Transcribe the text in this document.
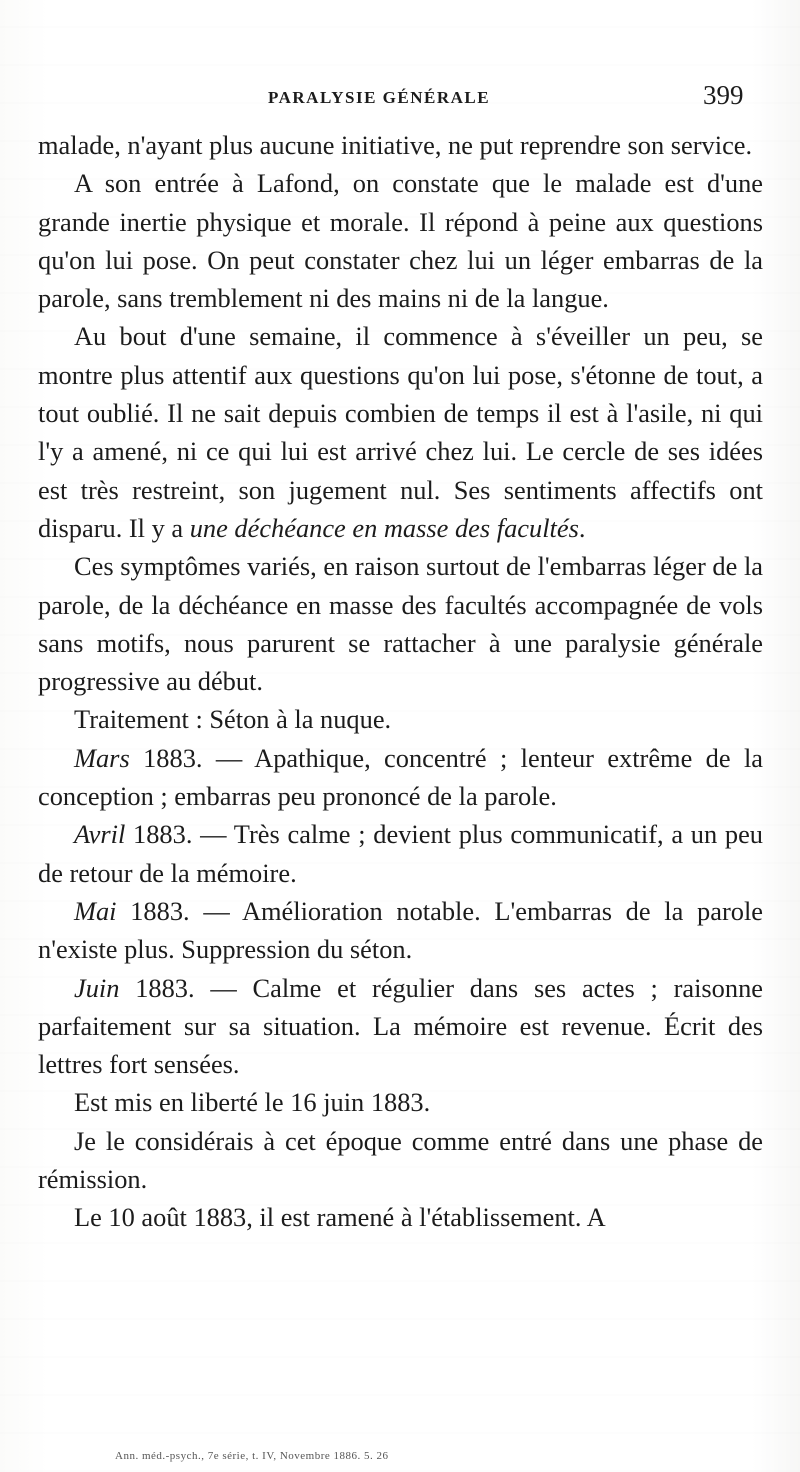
PARALYSIE GÉNÉRALE	399

malade, n'ayant plus aucune initiative, ne put reprendre son service.

A son entrée à Lafond, on constate que le malade est d'une grande inertie physique et morale. Il répond à peine aux questions qu'on lui pose. On peut constater chez lui un léger embarras de la parole, sans tremblement ni des mains ni de la langue.

Au bout d'une semaine, il commence à s'éveiller un peu, se montre plus attentif aux questions qu'on lui pose, s'étonne de tout, a tout oublié. Il ne sait depuis combien de temps il est à l'asile, ni qui l'y a amené, ni ce qui lui est arrivé chez lui. Le cercle de ses idées est très restreint, son jugement nul. Ses sentiments affectifs ont disparu. Il y a une déchéance en masse des facultés.

Ces symptômes variés, en raison surtout de l'embarras léger de la parole, de la déchéance en masse des facultés accompagnée de vols sans motifs, nous parurent se rattacher à une paralysie générale progressive au début.

Traitement : Séton à la nuque.

Mars 1883. — Apathique, concentré ; lenteur extrême de la conception ; embarras peu prononcé de la parole.

Avril 1883. — Très calme ; devient plus communicatif, a un peu de retour de la mémoire.

Mai 1883. — Amélioration notable. L'embarras de la parole n'existe plus. Suppression du séton.

Juin 1883. — Calme et régulier dans ses actes ; raisonne parfaitement sur sa situation. La mémoire est revenue. Écrit des lettres fort sensées.

Est mis en liberté le 16 juin 1883.

Je le considérais à cet époque comme entré dans une phase de rémission.

Le 10 août 1883, il est ramené à l'établissement. A

Ann. méd.-psych., 7e série, t. IV, Novembre 1886. 5. 26
